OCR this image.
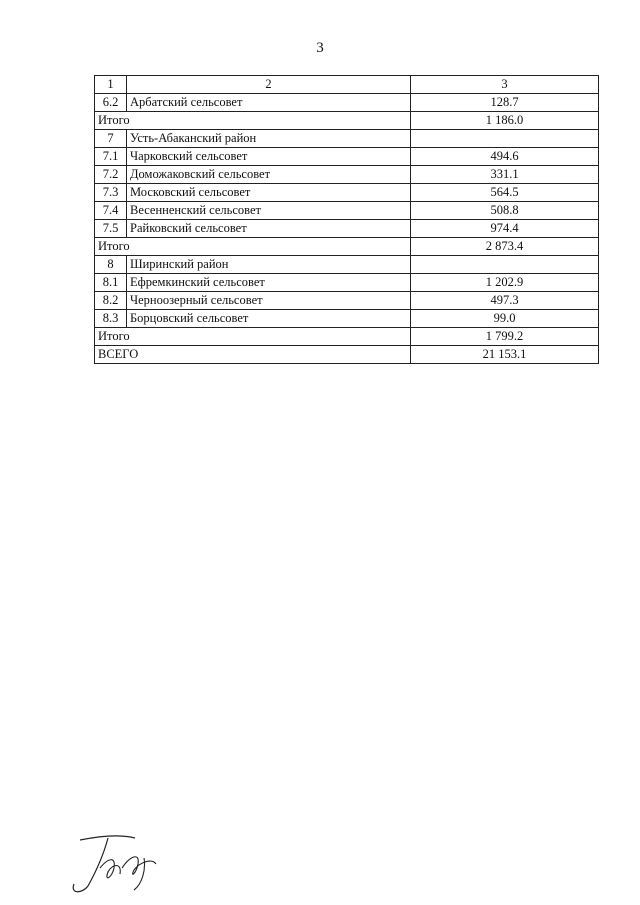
3
1	2	3
6.2	Арбатский сельсовет	128.7
Итого		1 186.0
7	Усть-Абаканский район	
7.1	Чарковский сельсовет	494.6
7.2	Доможаковский сельсовет	331.1
7.3	Московский сельсовет	564.5
7.4	Весенненский сельсовет	508.8
7.5	Райковский сельсовет	974.4
Итого		2 873.4
8	Ширинский район	
8.1	Ефремкинский сельсовет	1 202.9
8.2	Черноозерный сельсовет	497.3
8.3	Борцовский сельсовет	99.0
Итого		1 799.2
ВСЕГО		21 153.1
